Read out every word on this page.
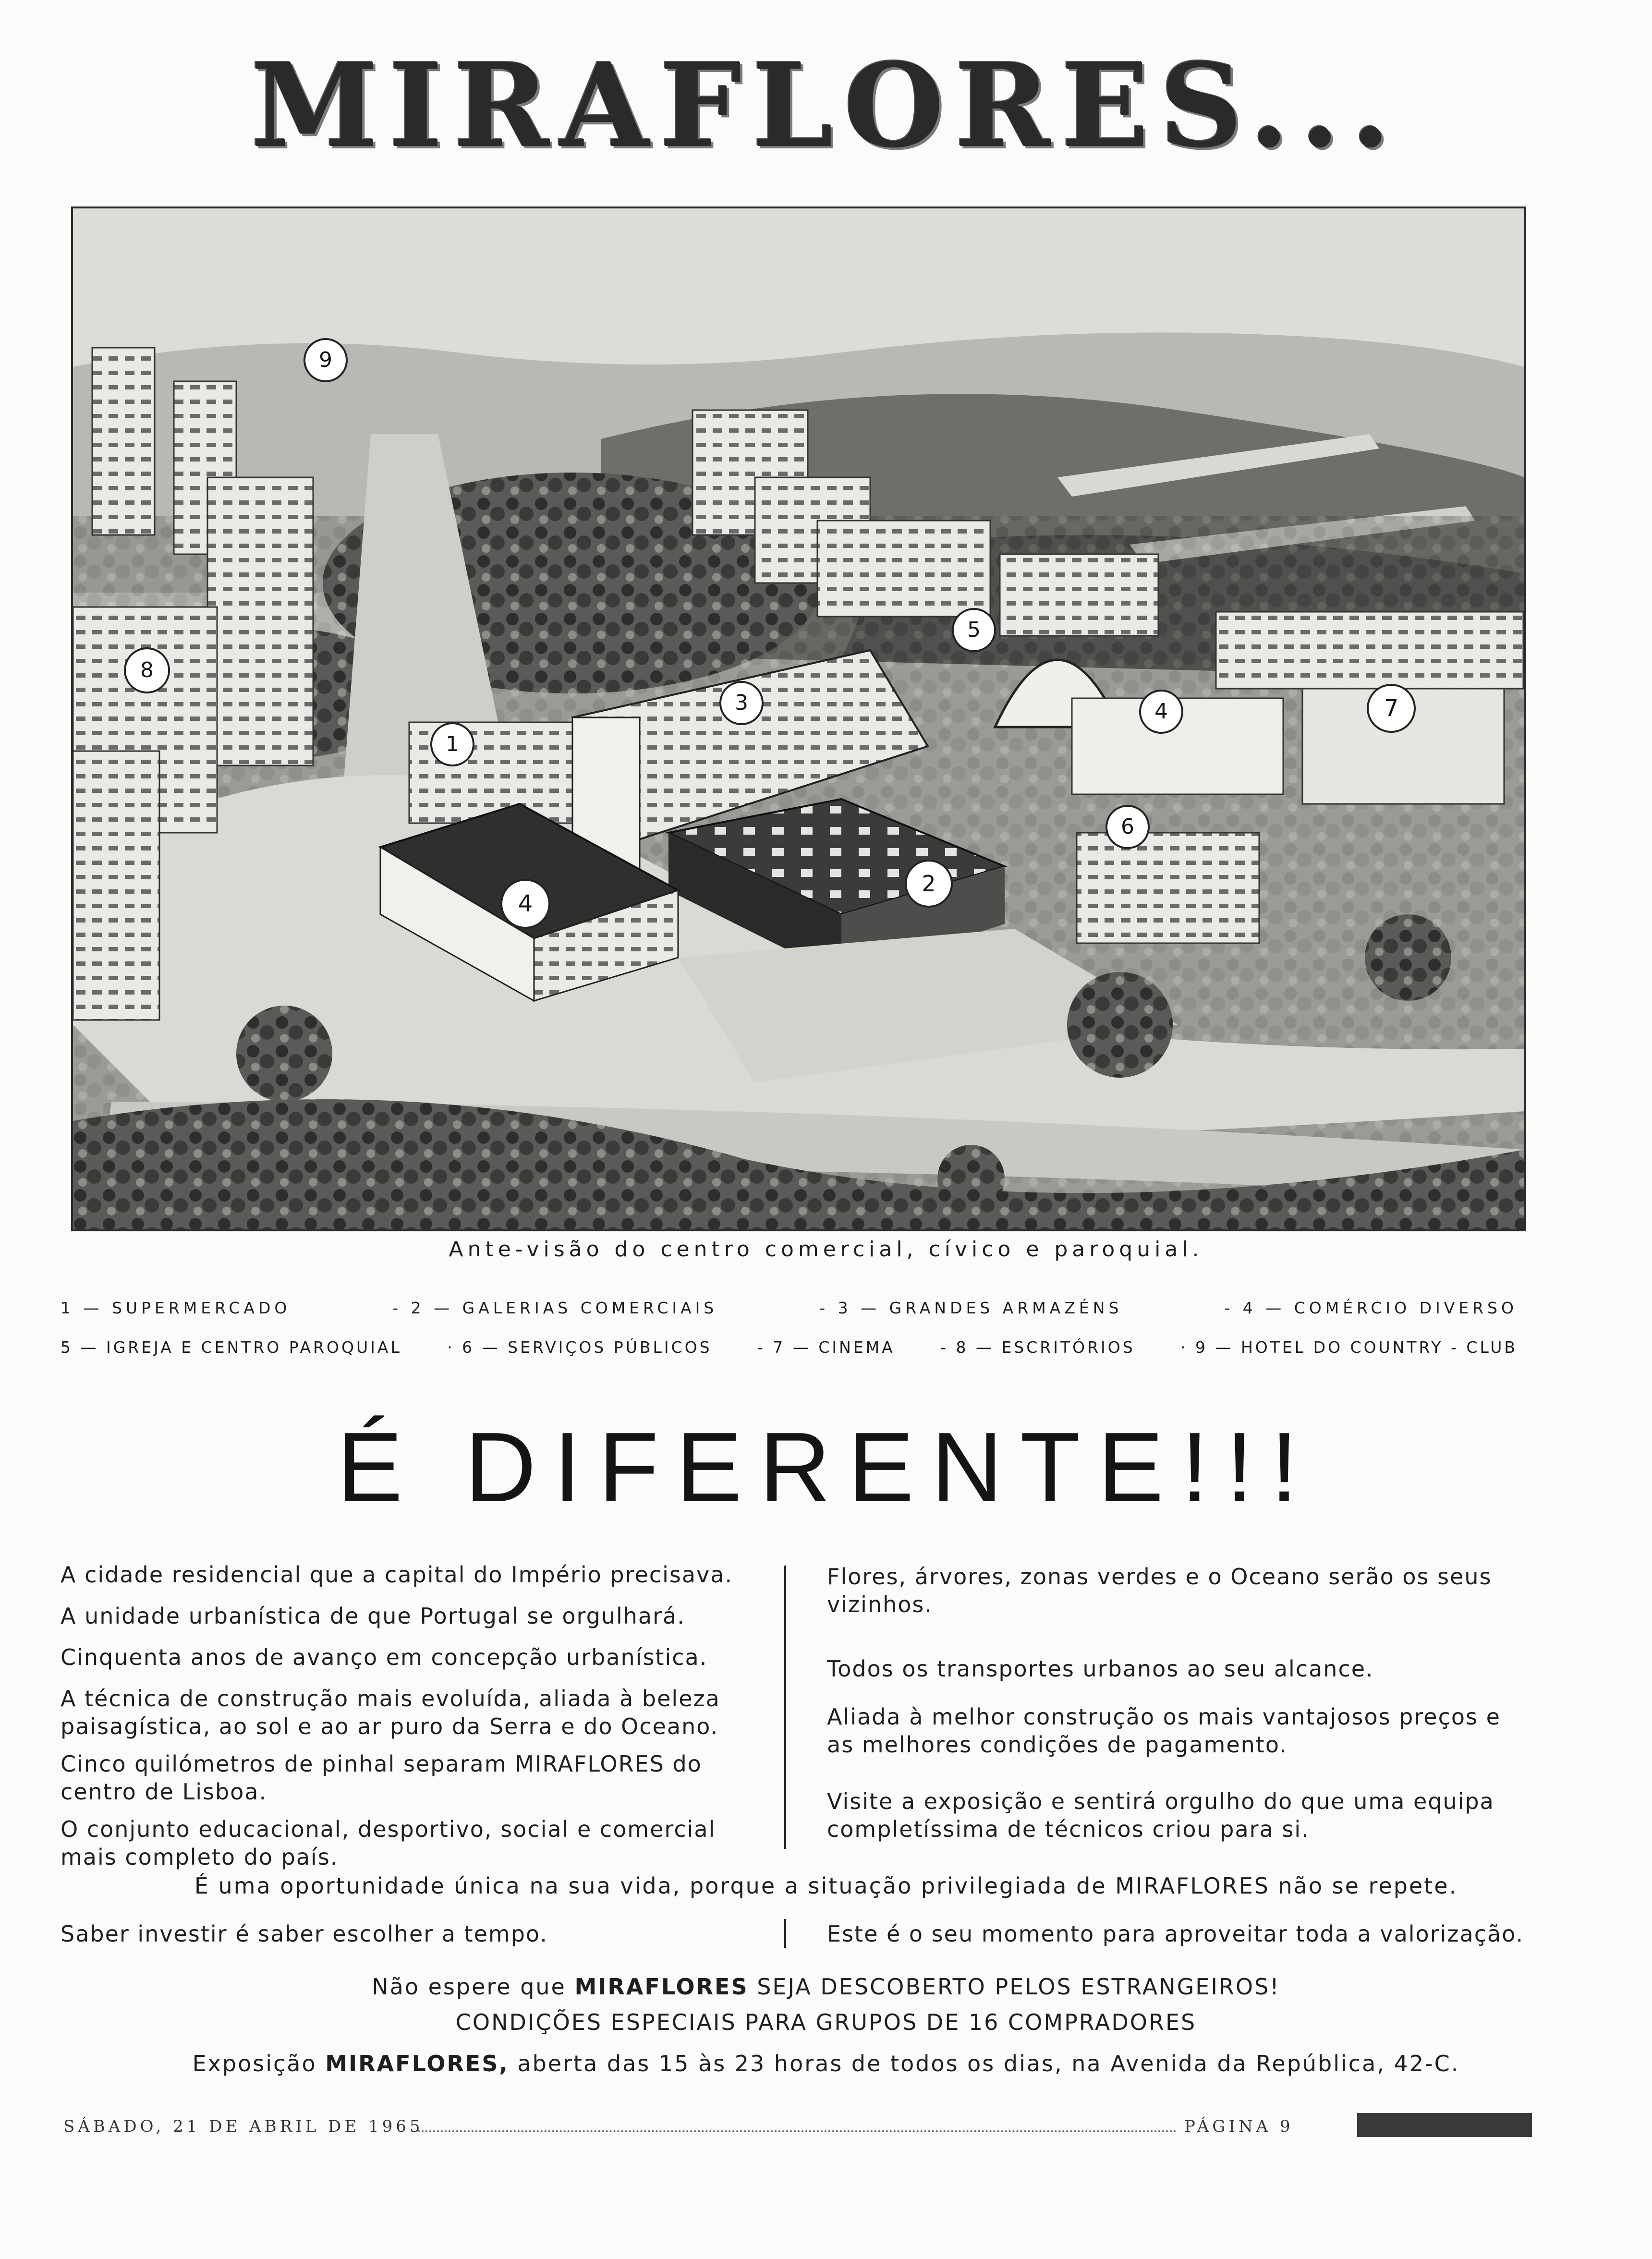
MIRAFLORES...
9
8
1
3
5
4	7
6
4
2
Ante-visão do centro comercial, cívico e paroquial.
1 — SUPERMERCADO	- 2 — GALERIAS COMERCIAIS	- 3 — GRANDES ARMAZÉNS	- 4 — COMÉRCIO DIVERSO
5 — IGREJA E CENTRO PAROQUIAL	· 6 — SERVIÇOS PÚBLICOS	- 7 — CINEMA	- 8 — ESCRITÓRIOS	· 9 — HOTEL DO COUNTRY - CLUB
É DIFERENTE!!!
A cidade residencial que a capital do Império precisava.
A unidade urbanística de que Portugal se orgulhará.
Cinquenta anos de avanço em concepção urbanística.
A técnica de construção mais evoluída, aliada à beleza paisagística, ao sol e ao ar puro da Serra e do Oceano.
Cinco quilómetros de pinhal separam MIRAFLORES do centro de Lisboa.
O conjunto educacional, desportivo, social e comercial mais completo do país.
Flores, árvores, zonas verdes e o Oceano serão os seus vizinhos.
Todos os transportes urbanos ao seu alcance.
Aliada à melhor construção os mais vantajosos preços e as melhores condições de pagamento.
Visite a exposição e sentirá orgulho do que uma equipa completíssima de técnicos criou para si.
É uma oportunidade única na sua vida, porque a situação privilegiada de MIRAFLORES não se repete.
Saber investir é saber escolher a tempo.	Este é o seu momento para aproveitar toda a valorização.
Não espere que MIRAFLORES SEJA DESCOBERTO PELOS ESTRANGEIROS!
CONDIÇÕES ESPECIAIS PARA GRUPOS DE 16 COMPRADORES
Exposição MIRAFLORES, aberta das 15 às 23 horas de todos os dias, na Avenida da República, 42-C.
SÁBADO, 21 DE ABRIL DE 1965	PÁGINA 9
